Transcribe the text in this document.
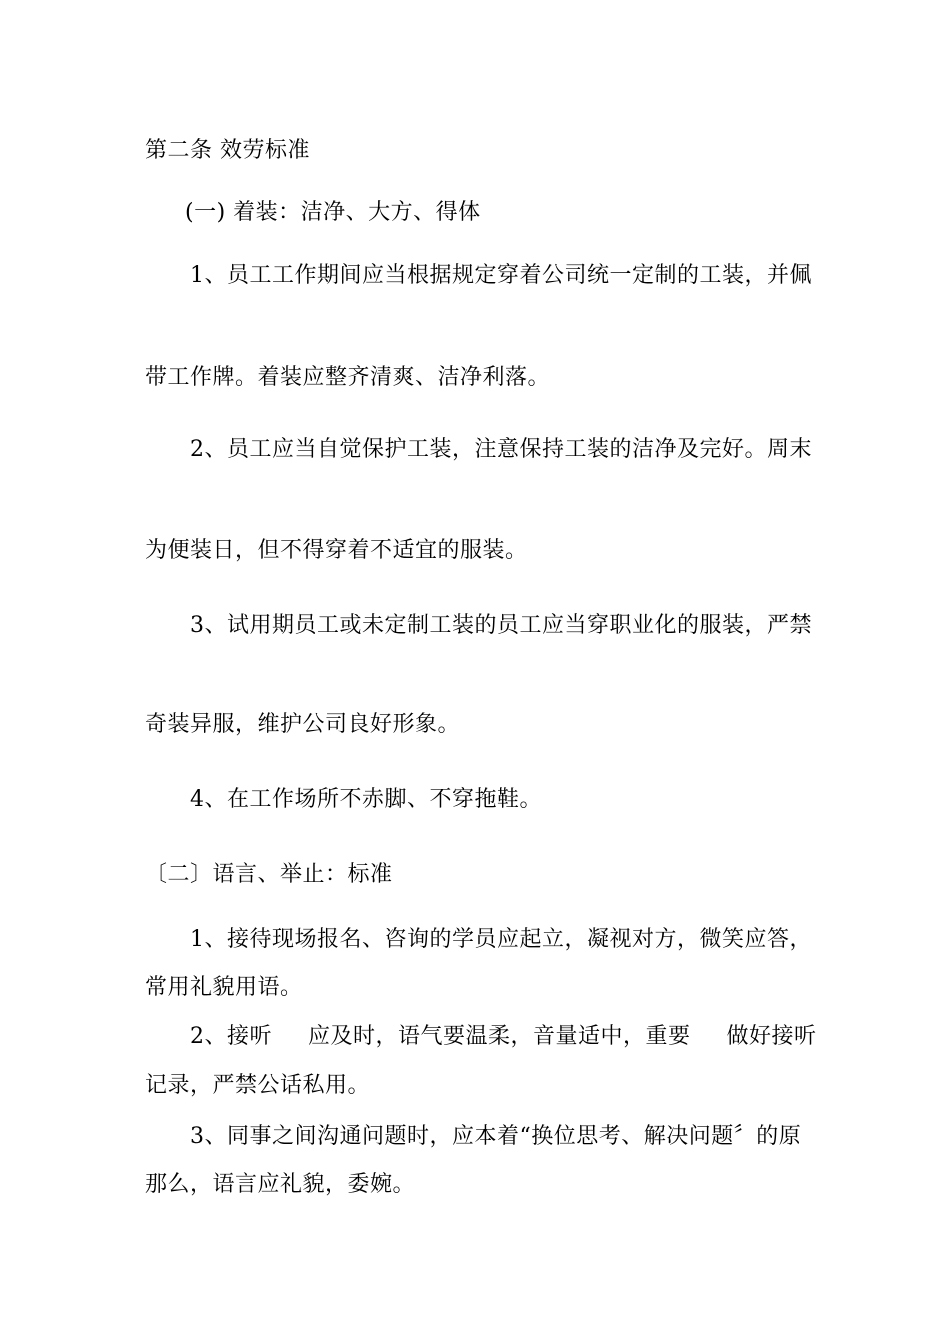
第二条 效劳标准
(一) 着装：洁净、大方、得体
1、员工工作期间应当根据规定穿着公司统一定制的工装，并佩
带工作牌。着装应整齐清爽、洁净利落。
2、员工应当自觉保护工装，注意保持工装的洁净及完好。周末
为便装日，但不得穿着不适宜的服装。
3、试用期员工或未定制工装的员工应当穿职业化的服装，严禁
奇装异服，维护公司良好形象。
4、在工作场所不赤脚、不穿拖鞋。
〔二〕语言、举止：标准
1、接待现场报名、咨询的学员应起立，凝视对方，微笑应答，
常用礼貌用语。
2、接听 应及时，语气要温柔，音量适中，重要 做好接听
记录，严禁公话私用。
3、同事之间沟通问题时，应本着“换位思考、解决问题〞的原
那么，语言应礼貌，委婉。
